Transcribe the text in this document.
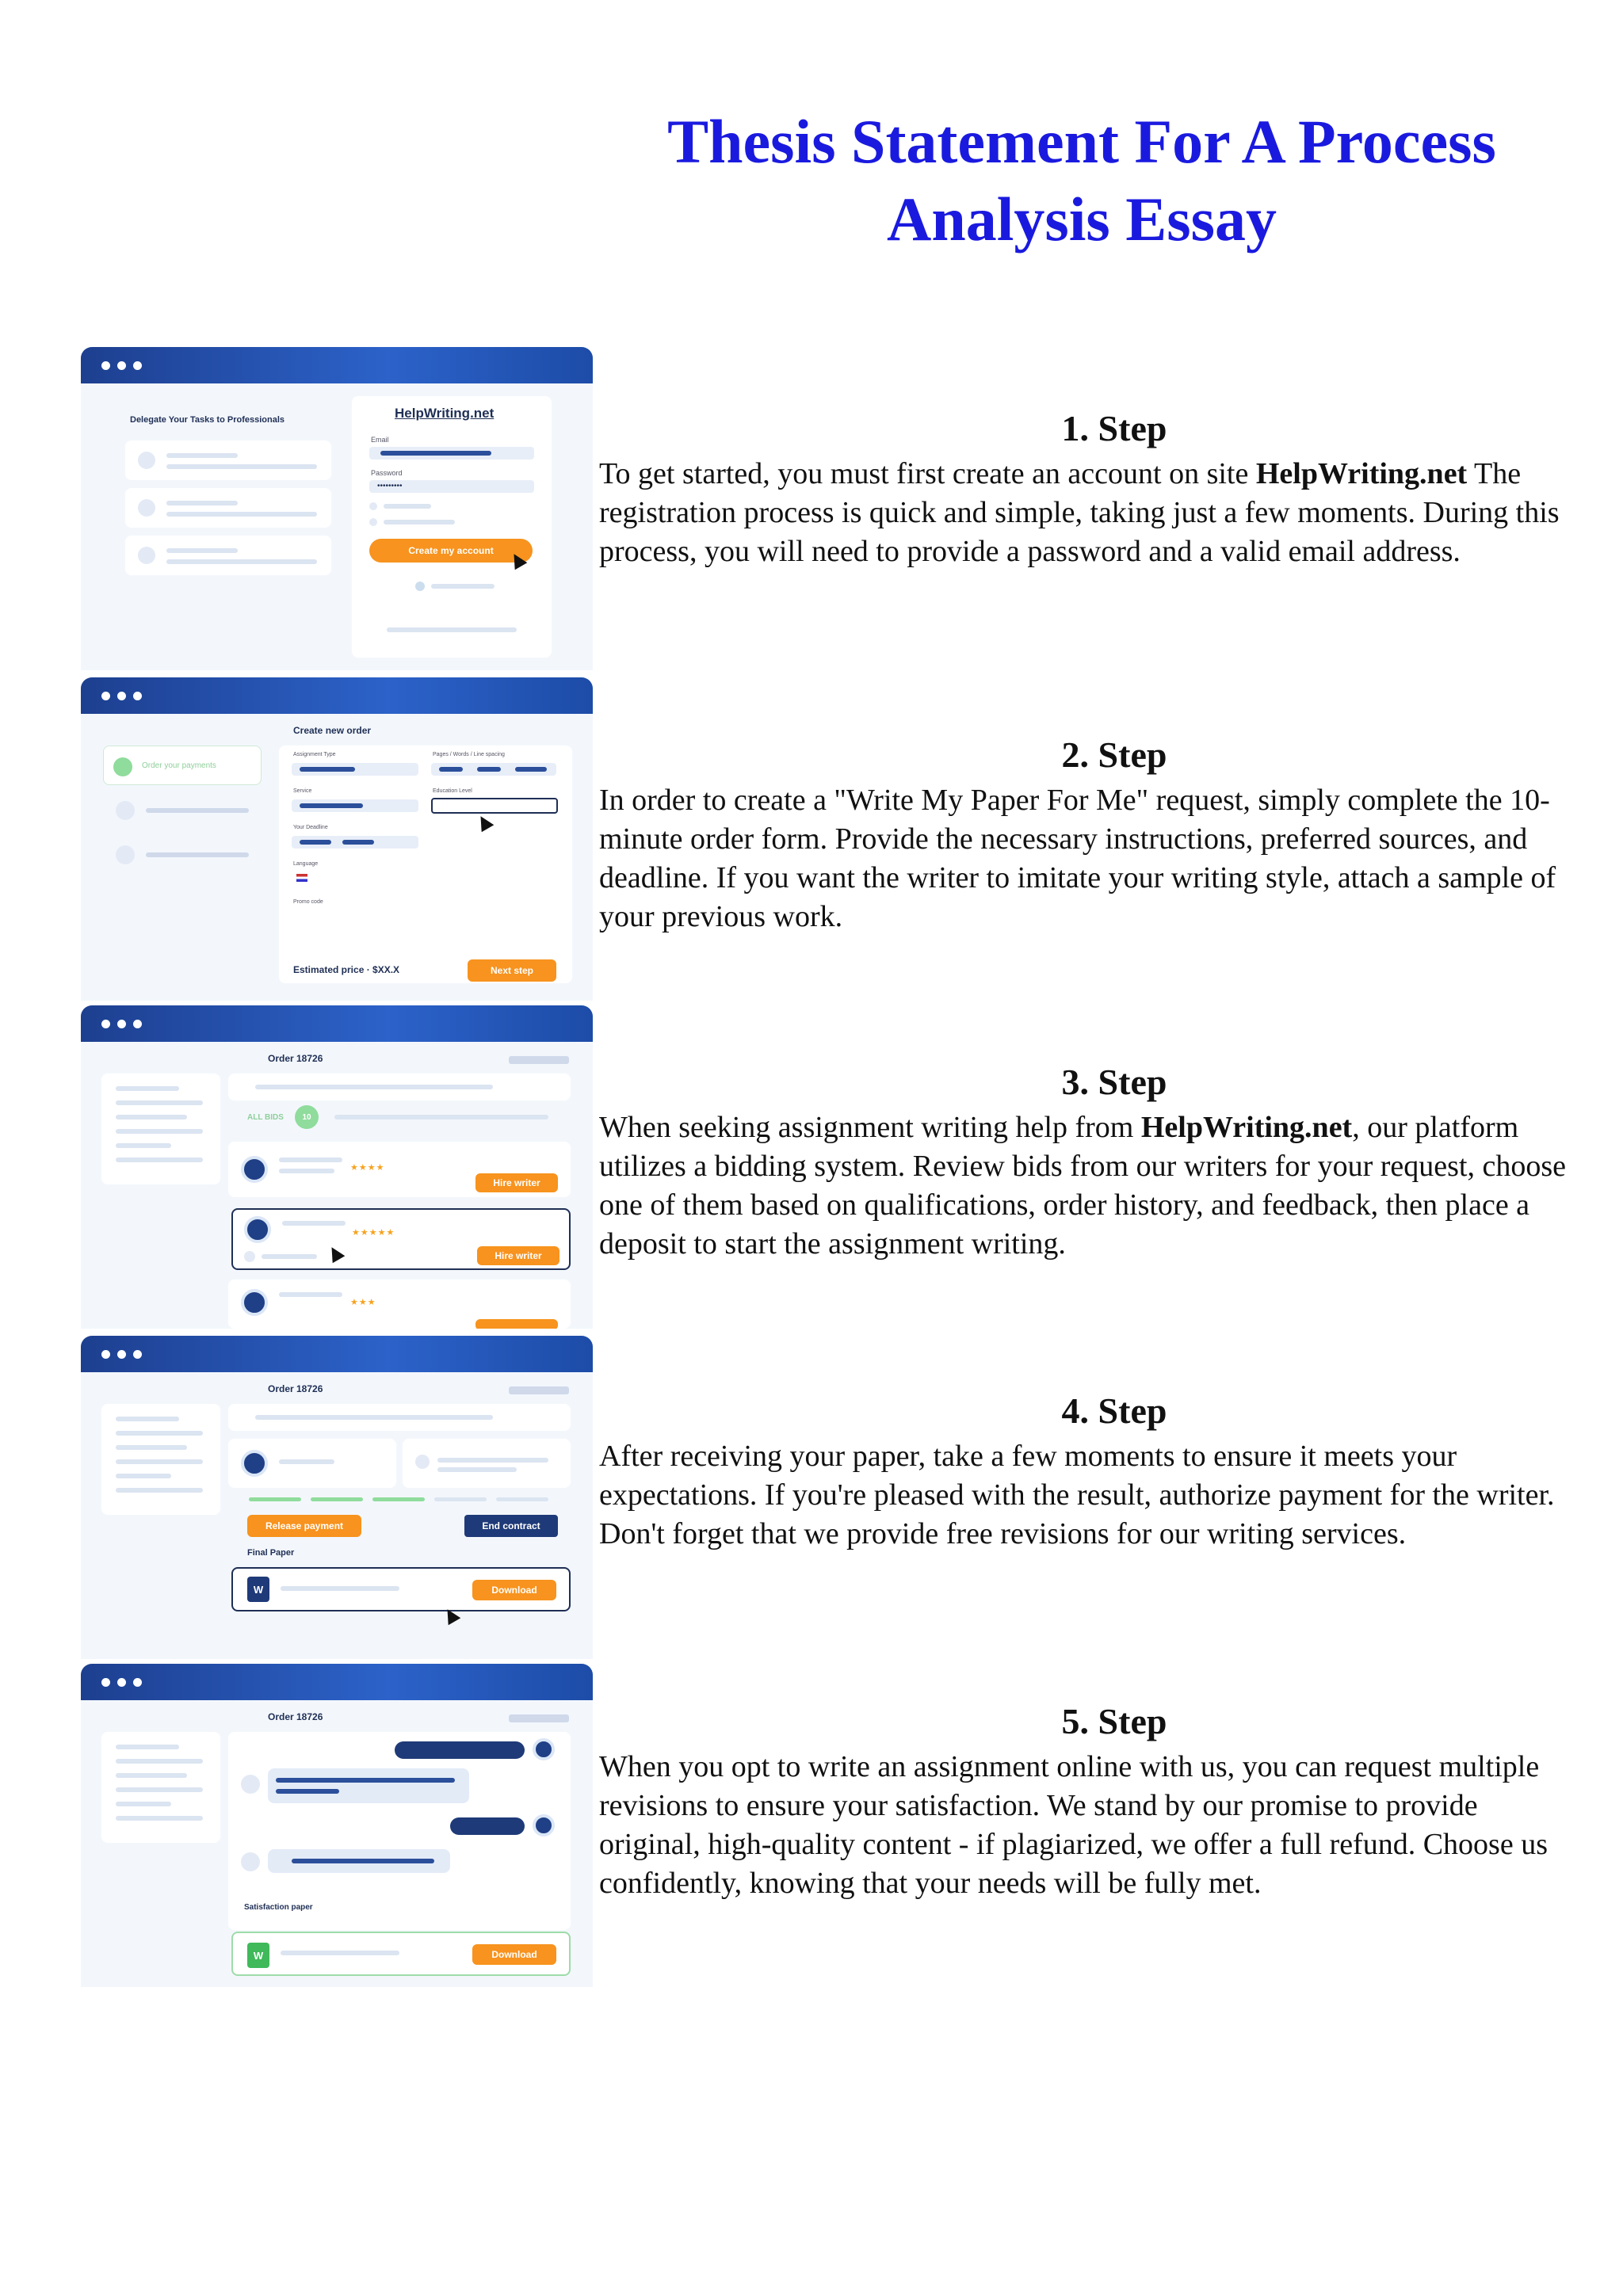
Thesis Statement For A Process Analysis Essay
Delegate Your Tasks to Professionals	HelpWriting.net
Email
Password
•••••••••
Create my account
1. Step
To get started, you must first create an account on site HelpWriting.net The registration process is quick and simple, taking just a few moments. During this process, you will need to provide a password and a valid email address.
Order your payments
Create new order
Assignment Type	Pages / Words / Line spacing
Service	Education Level
Your Deadline
Language
Promo code
Estimated price · $XX.X	Next step
2. Step
In order to create a "Write My Paper For Me" request, simply complete the 10-minute order form. Provide the necessary instructions, preferred sources, and deadline. If you want the writer to imitate your writing style, attach a sample of your previous work.
Order 18726
ALL BIDS	10
★★★★
Hire writer
★★★★★
Hire writer
★★★
3. Step
When seeking assignment writing help from HelpWriting.net, our platform utilizes a bidding system. Review bids from our writers for your request, choose one of them based on qualifications, order history, and feedback, then place a deposit to start the assignment writing.
Order 18726
Release payment	End contract
Final Paper
W	Download
4. Step
After receiving your paper, take a few moments to ensure it meets your expectations. If you're pleased with the result, authorize payment for the writer. Don't forget that we provide free revisions for our writing services.
Order 18726
Satisfaction paper
W	Download
5. Step
When you opt to write an assignment online with us, you can request multiple revisions to ensure your satisfaction. We stand by our promise to provide original, high-quality content - if plagiarized, we offer a full refund. Choose us confidently, knowing that your needs will be fully met.
